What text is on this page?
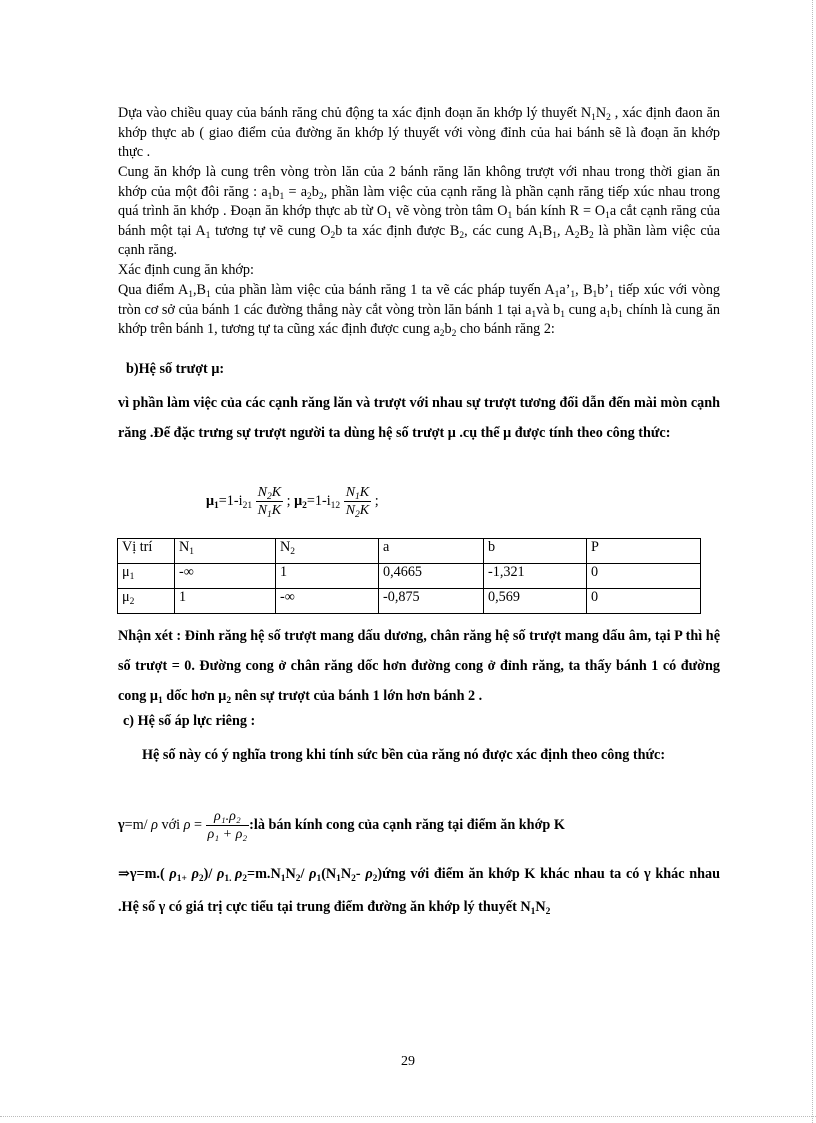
Dựa vào chiều quay của bánh răng chủ động ta xác định đoạn ăn khớp lý thuyết $N_1N_2$ , xác định đaon ăn khớp thực ab ( giao điểm của đường ăn khớp lý thuyết với vòng đỉnh của hai bánh sẽ là đoạn ăn khớp thực .

Cung ăn khớp là cung trên vòng tròn lăn của 2 bánh răng lăn không trượt với nhau trong thời gian ăn khớp của một đôi răng : $a_1b_1 = a_2b_2$, phần làm việc của cạnh răng là phần cạnh răng tiếp xúc nhau trong quá trình ăn khớp . Đoạn ăn khớp thực ab từ $O_1$ vẽ vòng tròn tâm $O_1$ bán kính $R = O_1a$ cắt cạnh răng của bánh một tại $A_1$ tương tự vẽ cung $O_2b$ ta xác định được $B_2$, các cung $A_1B_1$, $A_2B_2$ là phần làm việc của cạnh răng.

Xác định cung ăn khớp:

Qua điểm $A_1,B_1$ của phần làm việc của bánh răng 1 ta vẽ các pháp tuyến $A_1a’_1$, $B_1b’_1$ tiếp xúc với vòng tròn cơ sở của bánh 1 các đường thẳng này cắt vòng tròn lăn bánh 1 tại $a_1và$ $b_1$ cung $a_1b_1$ chính là cung ăn khớp trên bánh 1, tương tự ta cũng xác định được cung $a_2b_2$ cho bánh răng 2:

b)Hệ số trượt μ:

vì phần làm việc của các cạnh răng lăn và trượt với nhau sự trượt tương đối dẫn đến mài mòn cạnh răng .Để đặc trưng sự trượt người ta dùng hệ số trượt μ .cụ thể μ được tính theo công thức:

$\mu_1=1-i_{21} \frac{N_2K}{N_1K}$ ; $\mu_2=1-i_{12} \frac{N_1K}{N_2K}$ ;
Vị trí	$N_1$	$N_2$	a	b	P
$\mu_1$	-∞	1	0,4665	-1,321	0
$\mu_2$	1	-∞	-0,875	0,569	0

Nhận xét : Đỉnh răng hệ số trượt mang dấu dương, chân răng hệ số trượt mang dấu âm, tại P thì hệ số trượt = 0. Đường cong ở chân răng dốc hơn đường cong ở đỉnh răng, ta thấy bánh 1 có đường cong $\mu_1$ dốc hơn $\mu_2$ nên sự trượt của bánh 1 lớn hơn bánh 2 .

c) Hệ số áp lực riêng :

Hệ số này có ý nghĩa trong khi tính sức bền của răng nó được xác định theo công thức:

γ=m/ ρ với $\rho = \frac{\text{ρ₁.ρ₂}}{\text{ρ₁ + ρ₂}}$ :là bán kính cong của cạnh răng tại điểm ăn khớp K

⇒γ=m.( $\rho_{1+}$ $\rho_2)/$ $\rho_{1.}$ $\rho_2=m.N_1N_2/$ $\rho_1(N_1N_2-$ $\rho_2)ứng$ với điểm ăn khớp K khác nhau ta có γ khác nhau .Hệ số γ có giá trị cực tiểu tại trung điểm đường ăn khớp lý thuyết $N_1N_2$

29
